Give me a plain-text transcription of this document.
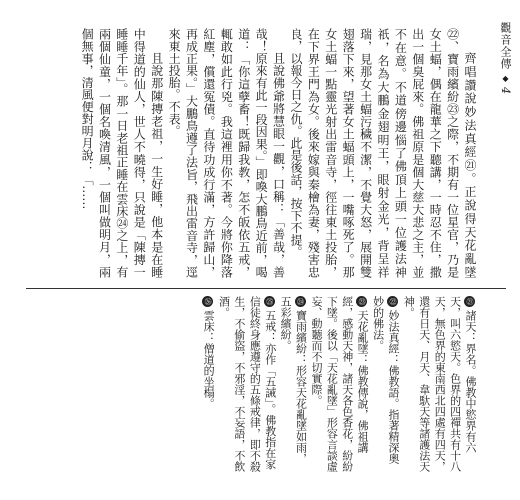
觀音全傳
◆
4

齊唱讚說妙法真經㉑。正說得天花亂墜㉒、寶雨繽紛㉓之際，不期有一位星官，乃是女土蝠，偶在龍華之下聽講，一時忍不住，撒出一個臭屁來。佛祖原是個大慈大悲之主，並不在意。不道傍邊惱了佛頂上頭一位護法神祇，名為大鵬金翅明王，眼射金光，背呈祥瑞，見那女土蝠污穢不潔，不覺大怒，展開雙翅落下來，望著女土蝠頭上，一嘴啄死了。那女土蝠一點靈光射出雷音寺，徑往東土投胎，在下界王門為女。後來嫁與秦檜為妻，殘害忠良，以報今日之仇。此是後話，按下不提。

且說佛爺將慧眼一觀，口稱：「善哉，善哉！原來有此一段因果。」即喚大鵬鳥近前，喝道：「你這孽畜！既歸我教，怎不皈依五戒，輒敢如此行兇。我這裡用你不著。今將你降落紅塵，償還冤債。直待功成行滿，方許歸山，再成正果。」大鵬鳥遵了法旨，飛出雷音寺，逕來東土投胎。不表。

且說那陳摶老祖，一生好睡，他本是在睡中得道的仙人，世人不曉得，只說是「陳摶一睡睡千年」。那一日老祖正睡在雲床㉔之上，有兩個仙童，一個名喚清風，一個叫做明月，兩個無事，清風便對明月說：「……

㉑諸天：界名。佛教中慾界有六天，叫六慾天。色界的四禪共有十八天，無色界的東南西北四處有四天，還有日天、月天、韋馱天等諸護法天神。

㉒妙法真經：佛教語。指著精深奧妙的佛法。

㉓天花亂墜：佛教傳說，佛祖講經，感動天神，諸天各色香花，紛紛下墜。後以「天花亂墜」形容言談虛妄、動聽而不切實際。

㉔寶雨繽紛：形容天花亂墜如雨，五彩繽紛。

㉕五戒：亦作「五誡」。佛教指在家信徒終身應遵守的五條戒律，即不殺生，不偷盜，不邪淫，不妄語，不飲酒。

㉖雲床：僧道的坐榻。
